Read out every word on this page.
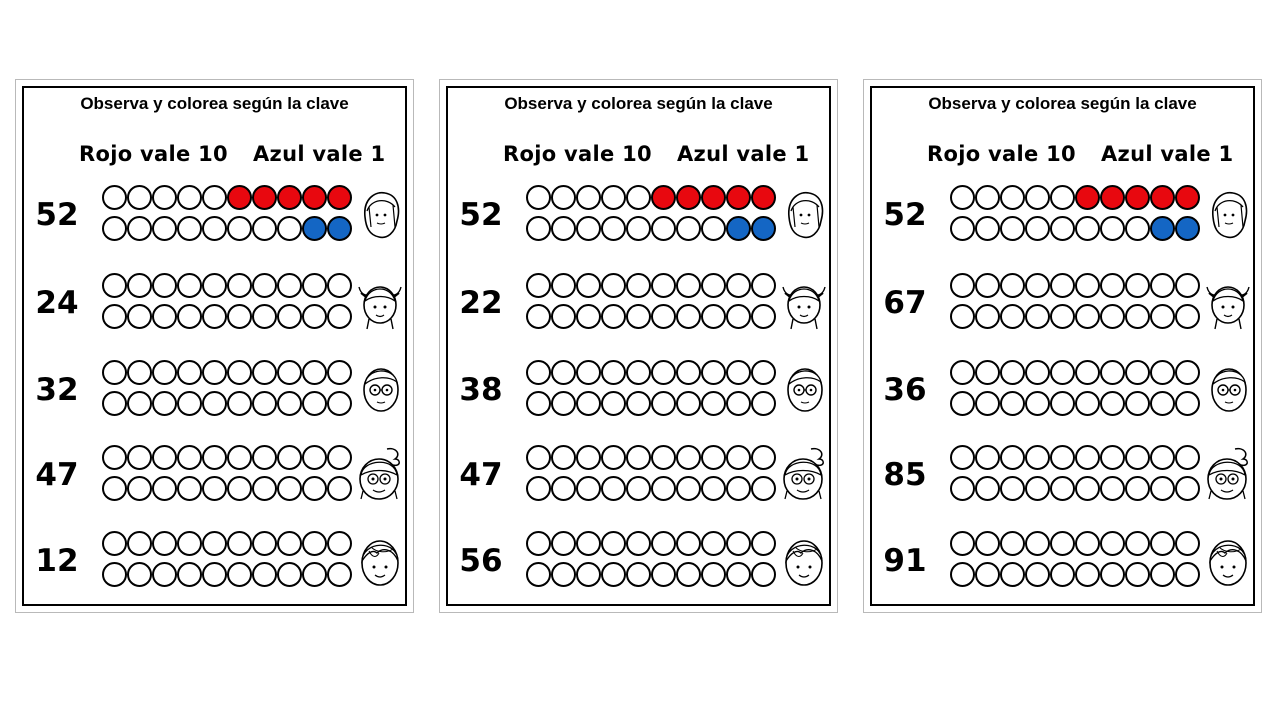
Observa y colorea según la clave
Rojo vale 10 Azul vale 1
52
24
32
47
12
Observa y colorea según la clave
Rojo vale 10 Azul vale 1
52
22
38
47
56
Observa y colorea según la clave
Rojo vale 10 Azul vale 1
52
67
36
85
91
